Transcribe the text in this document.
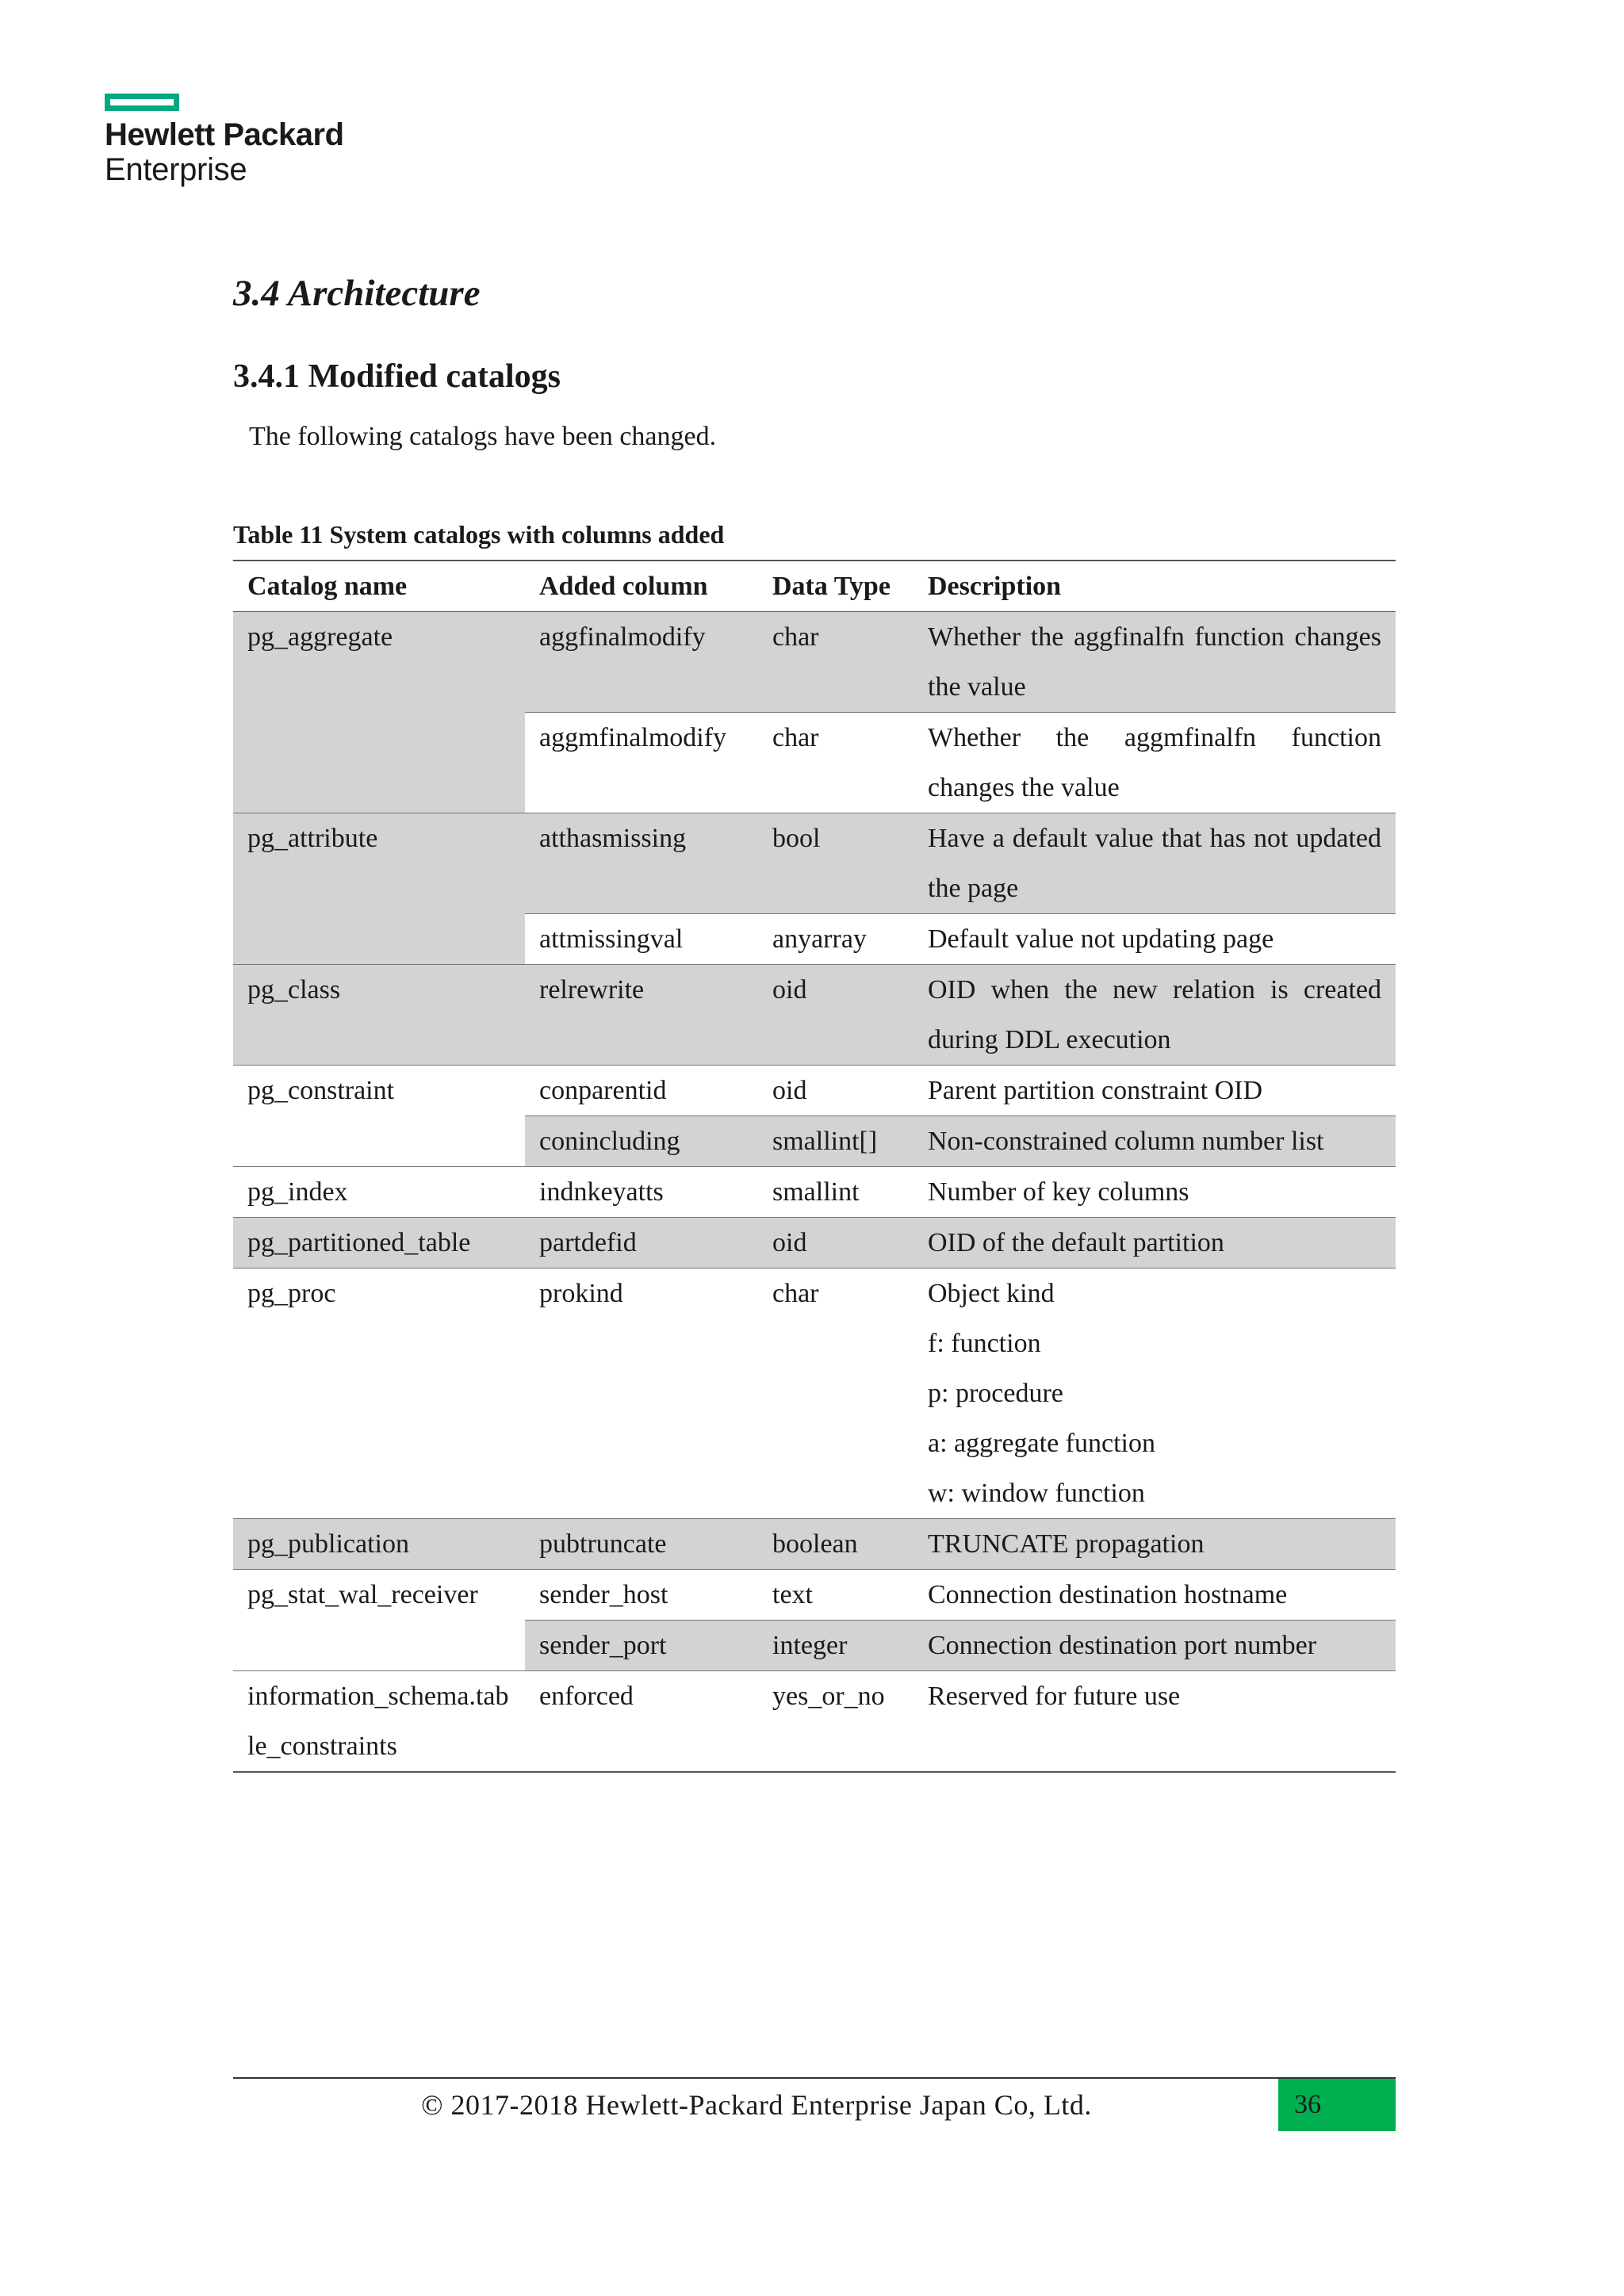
Hewlett Packard
Enterprise
3.4 Architecture
3.4.1 Modified catalogs

The following catalogs have been changed.

Table 11 System catalogs with columns added

Catalog name	Added column	Data Type	Description
pg_aggregate	aggfinalmodify	char	Whether the aggfinalfn function changes the value
	aggmfinalmodify	char	Whether the aggmfinalfn function changes the value
pg_attribute	atthasmissing	bool	Have a default value that has not updated the page
	attmissingval	anyarray	Default value not updating page
pg_class	relrewrite	oid	OID when the new relation is created during DDL execution
pg_constraint	conparentid	oid	Parent partition constraint OID
	conincluding	smallint[]	Non-constrained column number list
pg_index	indnkeyatts	smallint	Number of key columns
pg_partitioned_table	partdefid	oid	OID of the default partition
pg_proc	prokind	char	Object kind
f: function
p: procedure
a: aggregate function
w: window function

pg_publication	pubtruncate	boolean	TRUNCATE propagation
pg_stat_wal_receiver	sender_host	text	Connection destination hostname
	sender_port	integer	Connection destination port number
information_schema.table_constraints	enforced	yes_or_no	Reserved for future use
© 2017-2018 Hewlett-Packard Enterprise Japan Co, Ltd.	36
